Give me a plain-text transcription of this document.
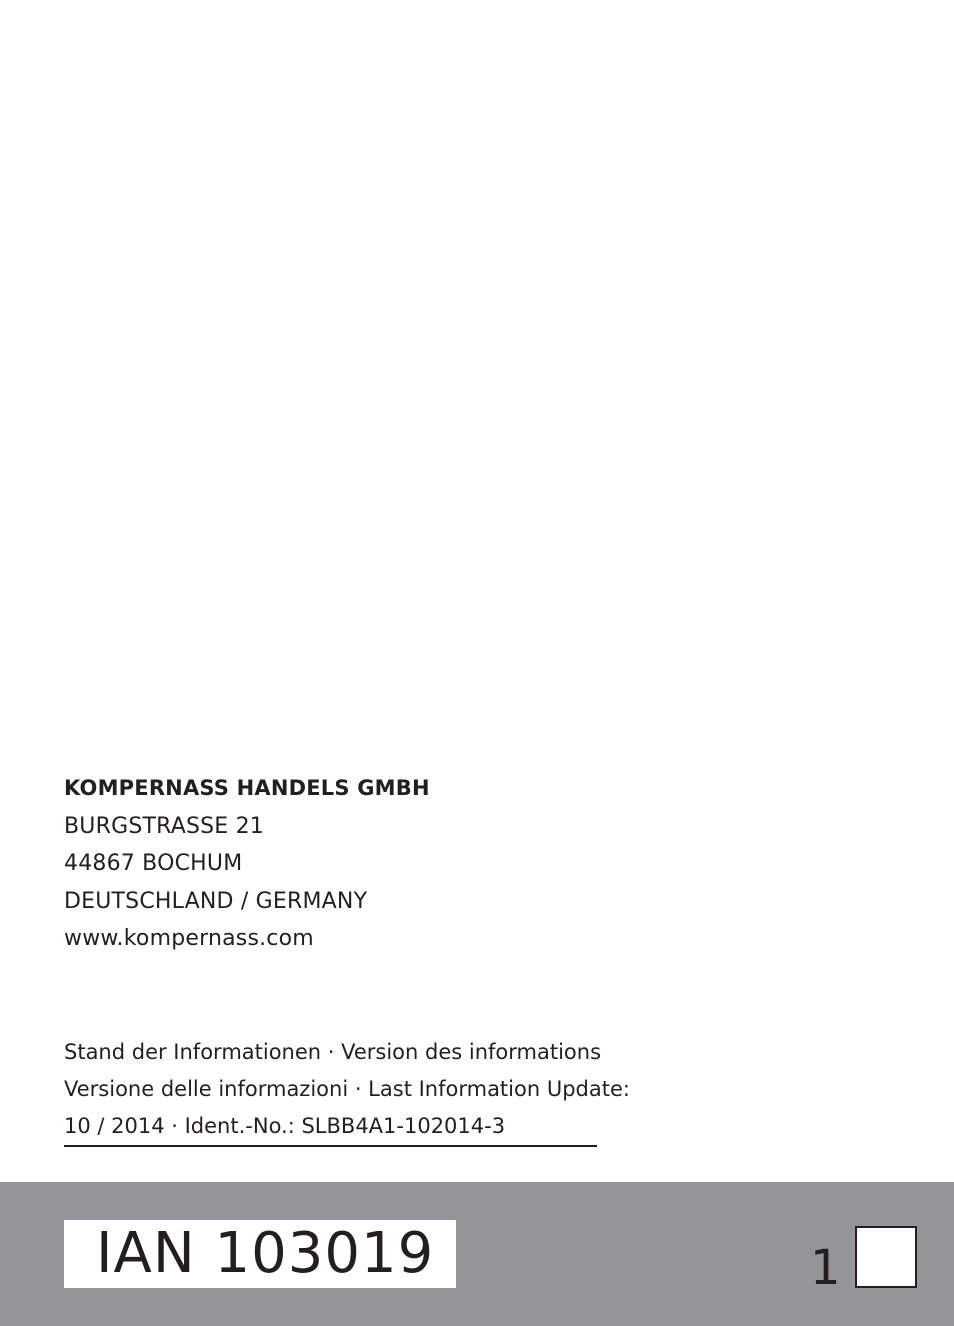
KOMPERNASS HANDELS GMBH
BURGSTRASSE 21
44867 BOCHUM
DEUTSCHLAND / GERMANY
www.kompernass.com
Stand der Informationen · Version des informations
Versione delle informazioni · Last Information Update:
10 / 2014 · Ident.-No.: SLBB4A1-102014-3
IAN 103019	1
